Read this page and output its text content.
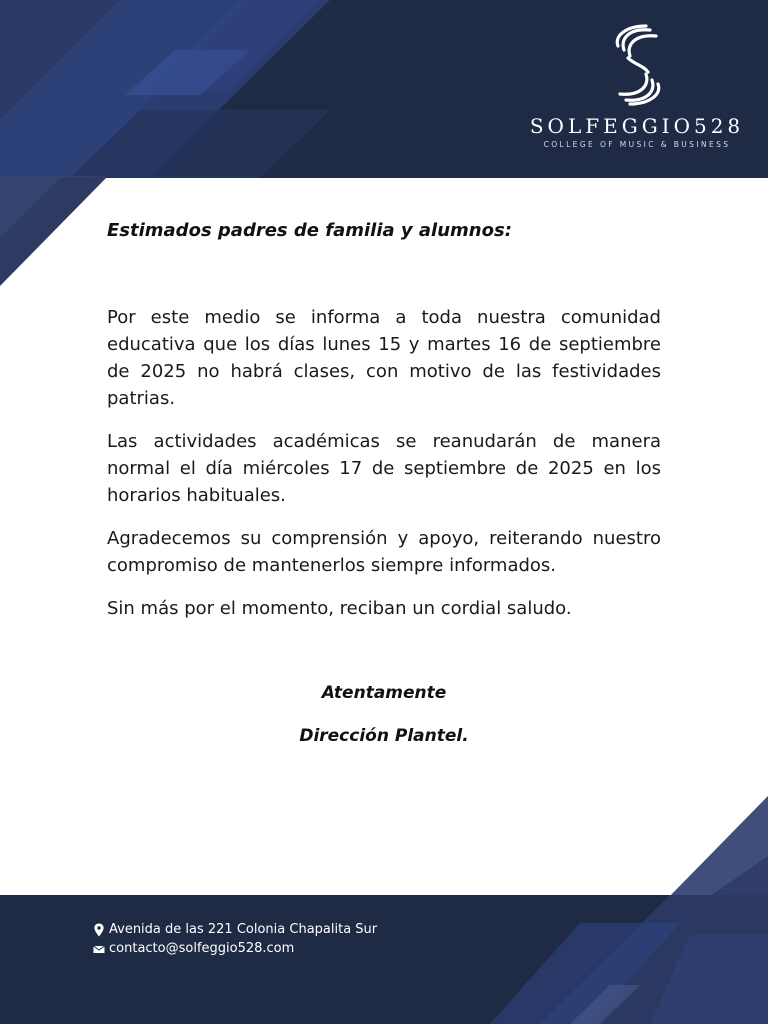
SOLFEGGIO528
COLLEGE OF MUSIC & BUSINESS
Estimados padres de familia y alumnos:

Por este medio se informa a toda nuestra comunidad educativa que los días lunes 15 y martes 16 de septiembre de 2025 no habrá clases, con motivo de las festividades patrias.

Las actividades académicas se reanudarán de manera normal el día miércoles 17 de septiembre de 2025 en los horarios habituales.

Agradecemos su comprensión y apoyo, reiterando nuestro compromiso de mantenerlos siempre informados.

Sin más por el momento, reciban un cordial saludo.

Atentamente
Dirección Plantel.
Avenida de las 221 Colonia Chapalita Sur
contacto@solfeggio528.com
